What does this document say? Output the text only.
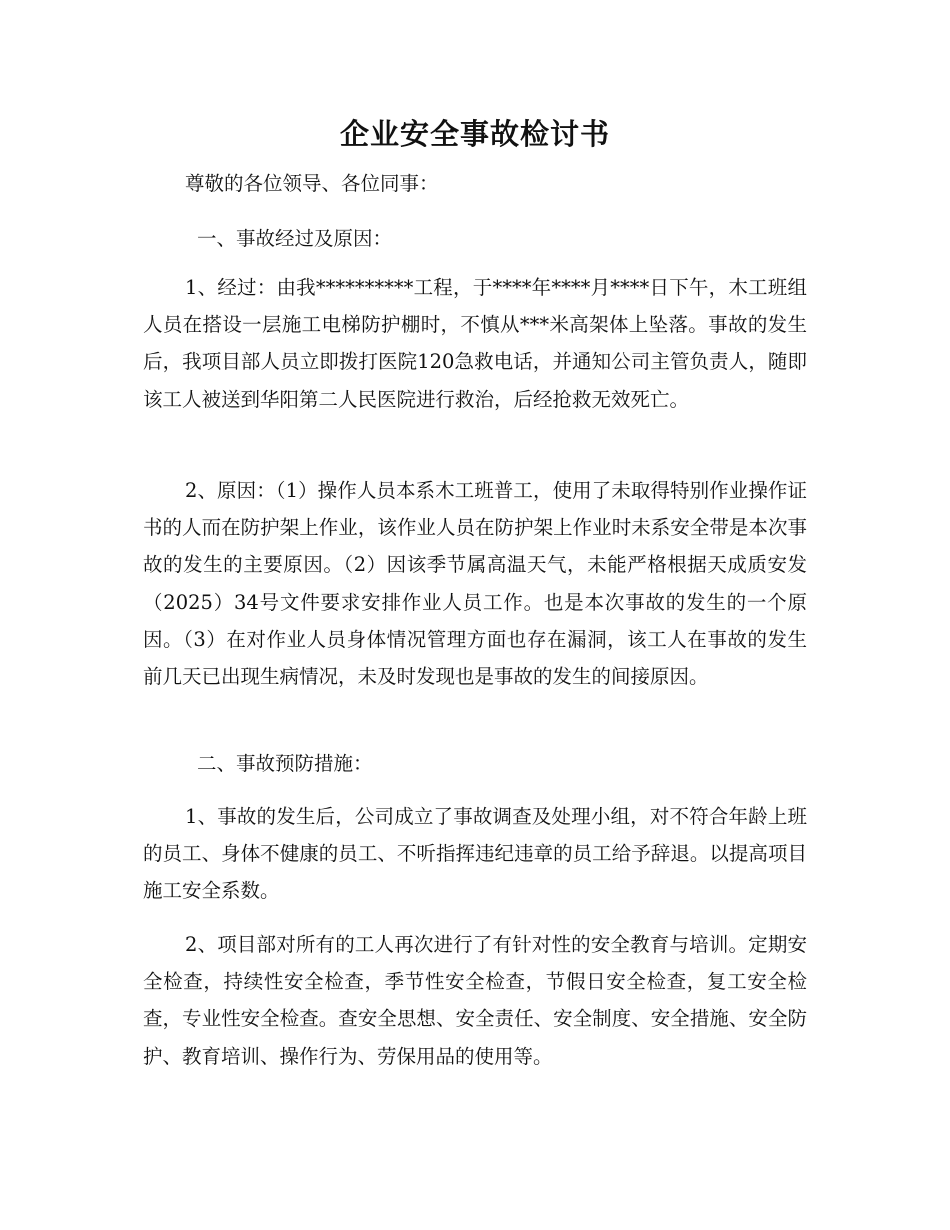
企业安全事故检讨书

尊敬的各位领导、各位同事：

一、事故经过及原因：

1、经过：由我**********工程，于****年****月****日下午，木工班组人员在搭设一层施工电梯防护棚时，不慎从***米高架体上坠落。事故的发生后，我项目部人员立即拨打医院120急救电话，并通知公司主管负责人，随即该工人被送到华阳第二人民医院进行救治，后经抢救无效死亡。

2、原因：（1）操作人员本系木工班普工，使用了未取得特别作业操作证书的人而在防护架上作业，该作业人员在防护架上作业时未系安全带是本次事故的发生的主要原因。（2）因该季节属高温天气，未能严格根据天成质安发（2025）34号文件要求安排作业人员工作。也是本次事故的发生的一个原因。（3）在对作业人员身体情况管理方面也存在漏洞，该工人在事故的发生前几天已出现生病情况，未及时发现也是事故的发生的间接原因。

二、事故预防措施：

1、事故的发生后，公司成立了事故调查及处理小组，对不符合年龄上班的员工、身体不健康的员工、不听指挥违纪违章的员工给予辞退。以提高项目施工安全系数。

2、项目部对所有的工人再次进行了有针对性的安全教育与培训。定期安全检查，持续性安全检查，季节性安全检查，节假日安全检查，复工安全检查，专业性安全检查。查安全思想、安全责任、安全制度、安全措施、安全防护、教育培训、操作行为、劳保用品的使用等。
